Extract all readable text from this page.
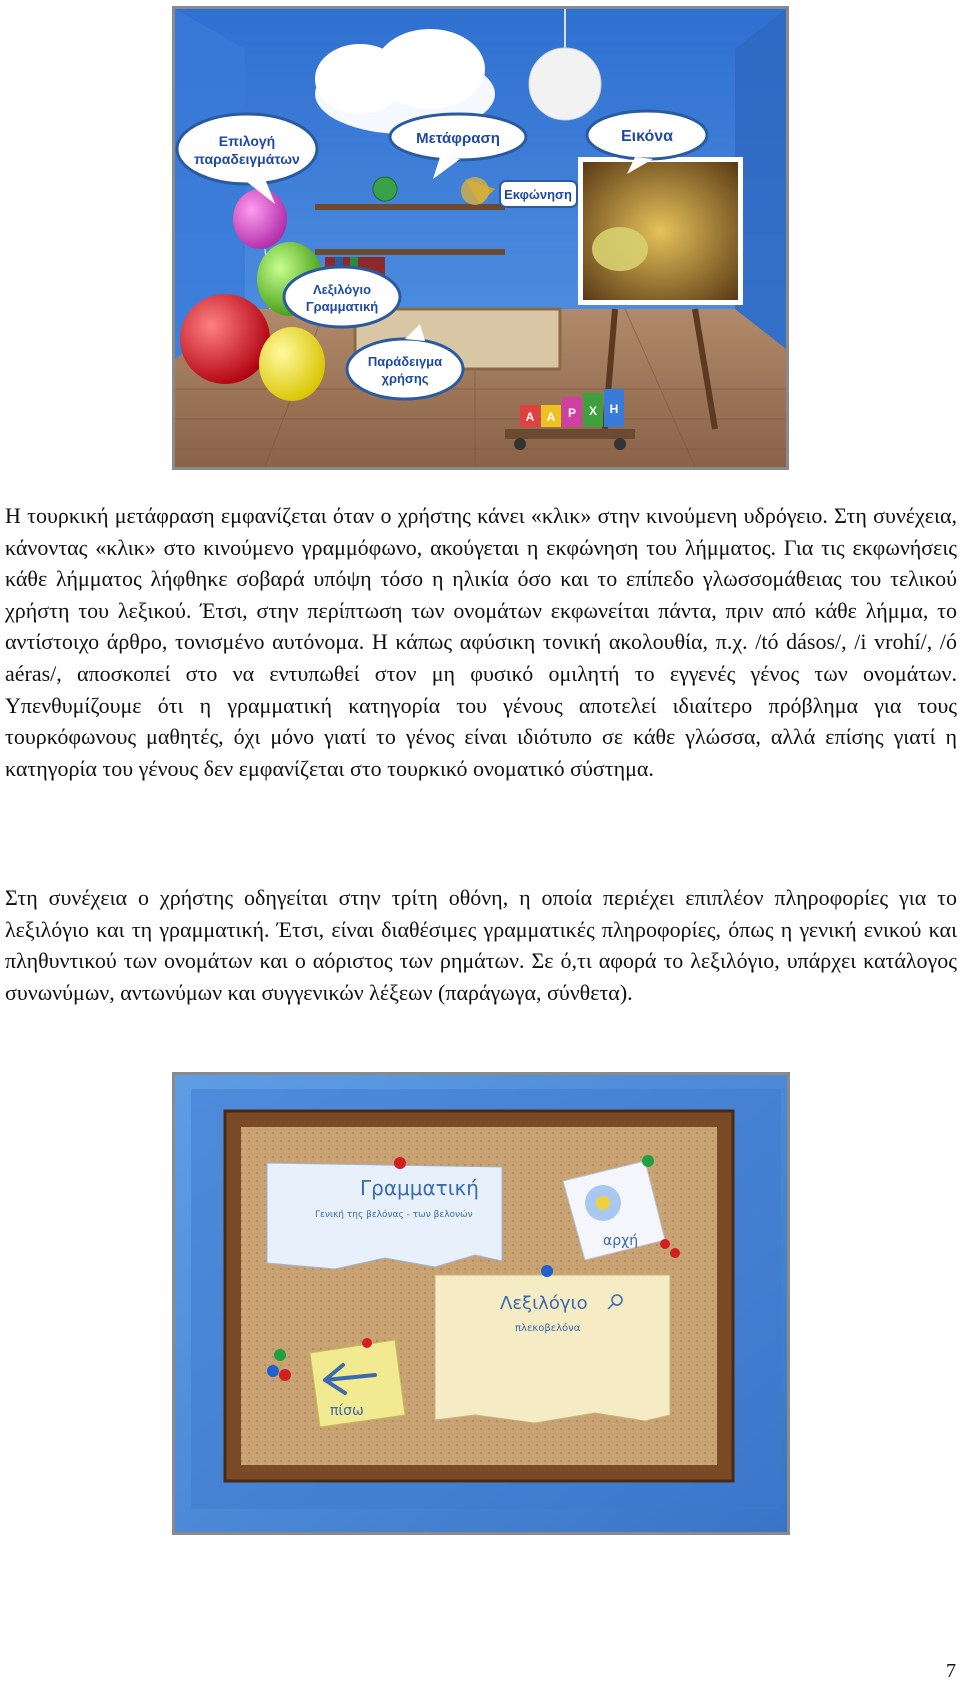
Α Α Ρ Χ Η
Επιλογή
παραδειγμάτων
Μετάφραση	Εικόνα
Εκφώνηση
Λεξιλόγιο
Γραμματική
Παράδειγμα
χρήσης

Η τουρκική μετάφραση εμφανίζεται όταν ο χρήστης κάνει «κλικ» στην κινούμενη υδρόγειο. Στη συνέχεια, κάνοντας «κλικ» στο κινούμενο γραμμόφωνο, ακούγεται η εκφώνηση του λήμματος. Για τις εκφωνήσεις κάθε λήμματος λήφθηκε σοβαρά υπόψη τόσο η ηλικία όσο και το επίπεδο γλωσσομάθειας του τελικού χρήστη του λεξικού. Έτσι, στην περίπτωση των ονομάτων εκφωνείται πάντα, πριν από κάθε λήμμα, το αντίστοιχο άρθρο, τονισμένο αυτόνομα. Η κάπως αφύσικη τονική ακολουθία, π.χ. /tó dásos/, /i vrohí/, /ó aéras/, αποσκοπεί στο να εντυπωθεί στον μη φυσικό ομιλητή το εγγενές γένος των ονομάτων. Υπενθυμίζουμε ότι η γραμματική κατηγορία του γένους αποτελεί ιδιαίτερο πρόβλημα για τους τουρκόφωνους μαθητές, όχι μόνο γιατί το γένος είναι ιδιότυπο σε κάθε γλώσσα, αλλά επίσης γιατί η κατηγορία του γένους δεν εμφανίζεται στο τουρκικό ονοματικό σύστημα.

Στη συνέχεια ο χρήστης οδηγείται στην τρίτη οθόνη, η οποία περιέχει επιπλέον πληροφορίες για το λεξιλόγιο και τη γραμματική. Έτσι, είναι διαθέσιμες γραμματικές πληροφορίες, όπως η γενική ενικού και πληθυντικού των ονομάτων και ο αόριστος των ρημάτων. Σε ό,τι αφορά το λεξιλόγιο, υπάρχει κατάλογος συνωνύμων, αντωνύμων και συγγενικών λέξεων (παράγωγα, σύνθετα).

Γραμματική
Γενική της βελόνας - των βελονών
αρχή
Λεξιλόγιο
πλεκοβελόνα
πίσω
7
